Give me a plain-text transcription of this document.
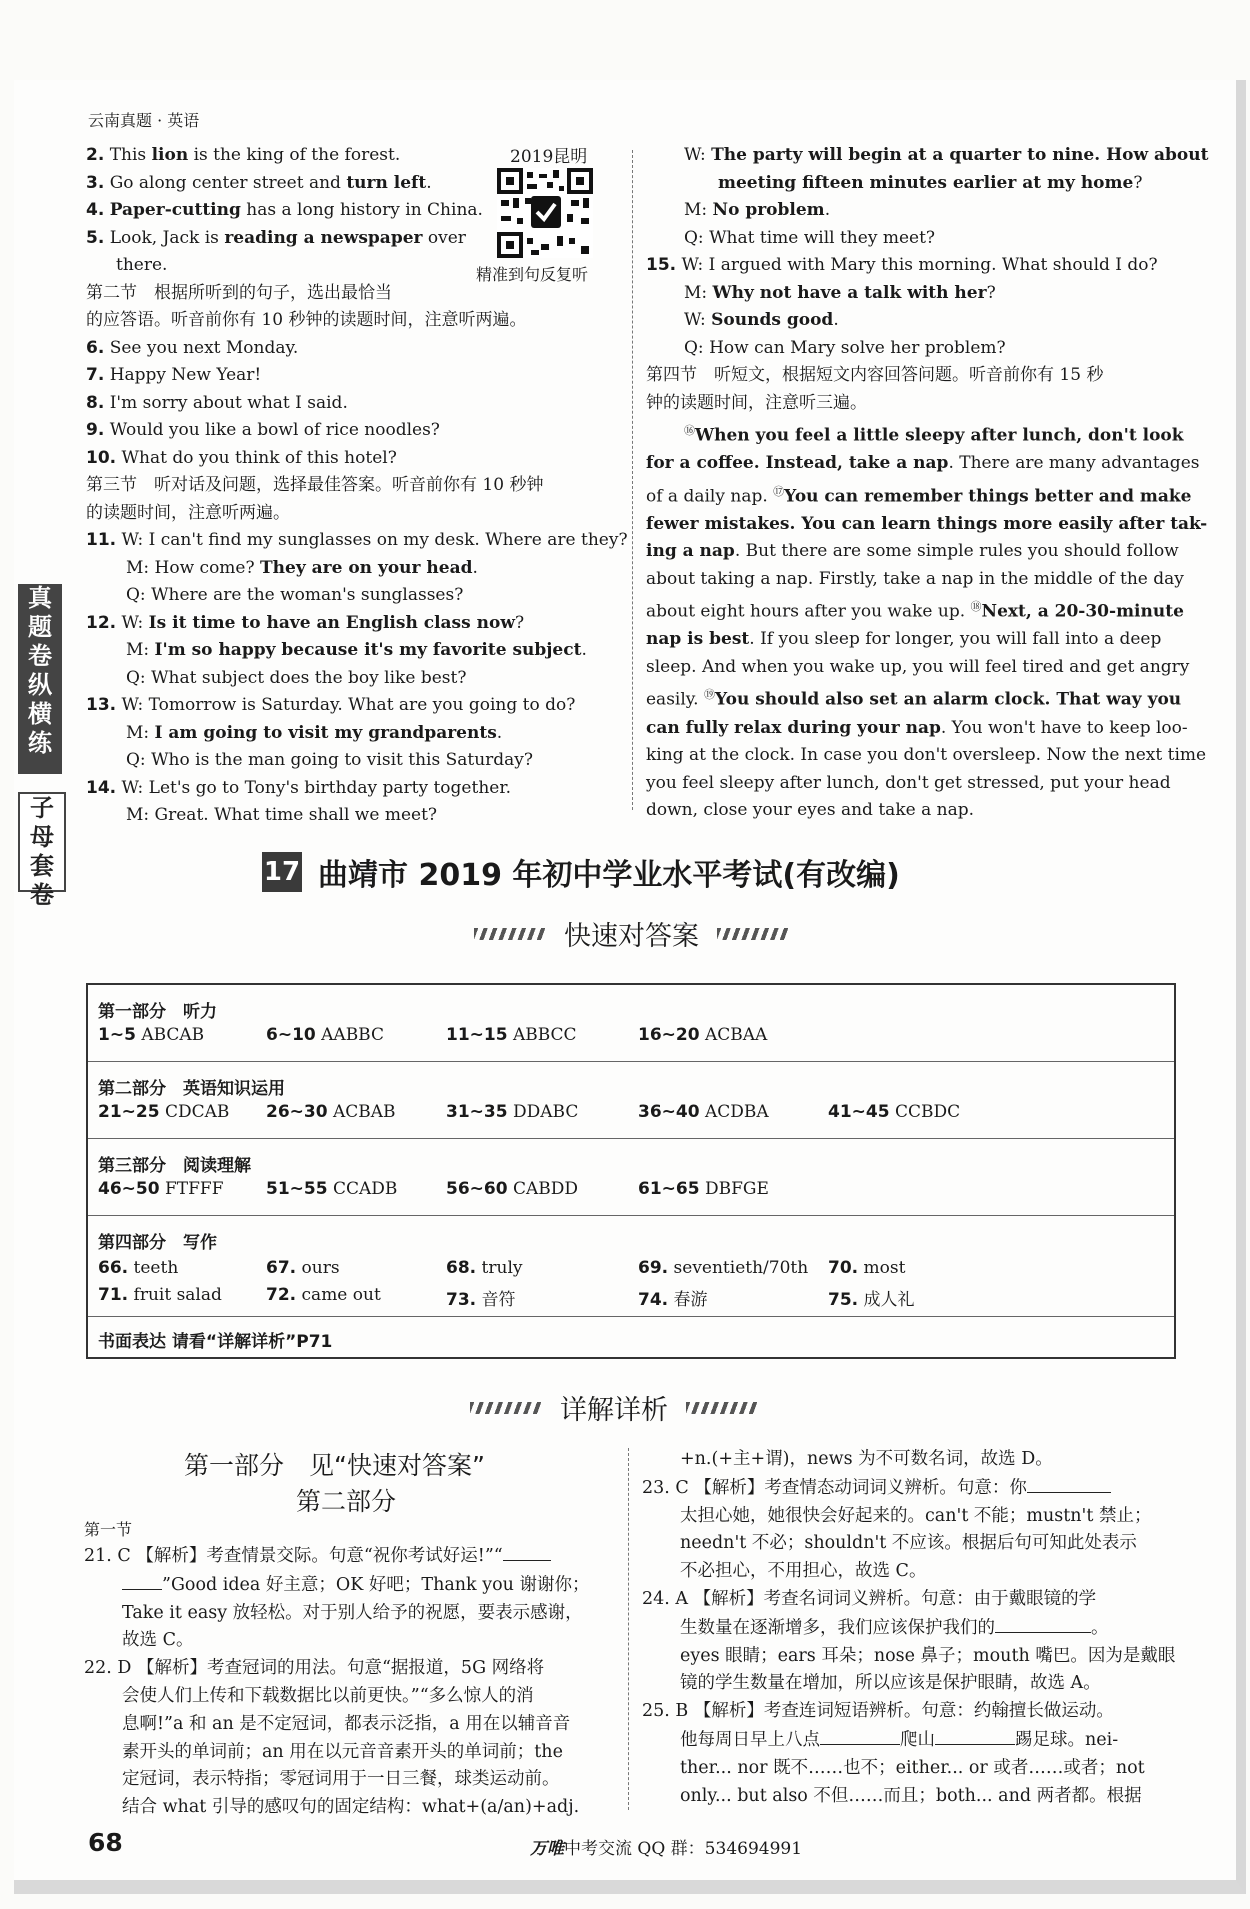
云南真题 · 英语
真题卷纵横练
子母套卷
2019昆明
精准到句反复听
2. This lion is the king of the forest.
3. Go along center street and turn left.
4. Paper-cutting has a long history in China.
5. Look, Jack is reading a newspaper over
there.
第二节　根据所听到的句子，选出最恰当
的应答语。听音前你有 10 秒钟的读题时间，注意听两遍。
6. See you next Monday.
7. Happy New Year!
8. I'm sorry about what I said.
9. Would you like a bowl of rice noodles?
10. What do you think of this hotel?
第三节　听对话及问题，选择最佳答案。听音前你有 10 秒钟
的读题时间，注意听两遍。
11. W: I can't find my sunglasses on my desk. Where are they?
M: How come? They are on your head.
Q: Where are the woman's sunglasses?
12. W: Is it time to have an English class now?
M: I'm so happy because it's my favorite subject.
Q: What subject does the boy like best?
13. W: Tomorrow is Saturday. What are you going to do?
M: I am going to visit my grandparents.
Q: Who is the man going to visit this Saturday?
14. W: Let's go to Tony's birthday party together.
M: Great. What time shall we meet?
W: The party will begin at a quarter to nine. How about
meeting fifteen minutes earlier at my home?
M: No problem.
Q: What time will they meet?
15. W: I argued with Mary this morning. What should I do?
M: Why not have a talk with her?
W: Sounds good.
Q: How can Mary solve her problem?
第四节　听短文，根据短文内容回答问题。听音前你有 15 秒
钟的读题时间，注意听三遍。
⑯When you feel a little sleepy after lunch, don't look
for a coffee. Instead, take a nap. There are many advantages
of a daily nap. ⑰You can remember things better and make
fewer mistakes. You can learn things more easily after tak-
ing a nap. But there are some simple rules you should follow
about taking a nap. Firstly, take a nap in the middle of the day
about eight hours after you wake up. ⑱Next, a 20-30-minute
nap is best. If you sleep for longer, you will fall into a deep
sleep. And when you wake up, you will feel tired and get angry
easily. ⑲You should also set an alarm clock. That way you
can fully relax during your nap. You won't have to keep loo-
king at the clock. In case you don't oversleep. Now the next time
you feel sleepy after lunch, don't get stressed, put your head
down, close your eyes and take a nap.
17 曲靖市 2019 年初中学业水平考试(有改编)
快速对答案
第一部分　听力
1~5 ABCAB	6~10 AABBC	11~15 ABBCC	16~20 ACBAA
第二部分　英语知识运用
21~25 CDCAB 26~30 ACBAB	31~35 DDABC	36~40 ACDBA	41~45 CCBDC
第三部分　阅读理解
46~50 FTFFF	51~55 CCADB	56~60 CABDD	61~65 DBFGE
第四部分　写作
66. teeth	67. ours	68. truly	69. seventieth/70th 70. most
71. fruit salad	72. came out	73. 音符	74. 春游	75. 成人礼
书面表达 请看“详解详析”P71
详解详析
第一部分　见“快速对答案”
第二部分
第一节
21. C 【解析】考查情景交际。句意“祝你考试好运!”“
”Good idea 好主意；OK 好吧；Thank you 谢谢你；
Take it easy 放轻松。对于别人给予的祝愿，要表示感谢，
故选 C。
22. D 【解析】考查冠词的用法。句意“据报道，5G 网络将
会使人们上传和下载数据比以前更快。”“多么惊人的消
息啊!”a 和 an 是不定冠词，都表示泛指，a 用在以辅音音
素开头的单词前；an 用在以元音音素开头的单词前；the
定冠词，表示特指；零冠词用于一日三餐，球类运动前。
结合 what 引导的感叹句的固定结构：what+(a/an)+adj.
+n.(+主+谓)，news 为不可数名词，故选 D。
23. C 【解析】考查情态动词词义辨析。句意：你
太担心她，她很快会好起来的。can't 不能；mustn't 禁止；
needn't 不必；shouldn't 不应该。根据后句可知此处表示
不必担心，不用担心，故选 C。
24. A 【解析】考查名词词义辨析。句意：由于戴眼镜的学
生数量在逐渐增多，我们应该保护我们的	。
eyes 眼睛；ears 耳朵；nose 鼻子；mouth 嘴巴。因为是戴眼
镜的学生数量在增加，所以应该是保护眼睛，故选 A。
25. B 【解析】考查连词短语辨析。句意：约翰擅长做运动。
他每周日早上八点	爬山	踢足球。nei-
ther... nor 既不……也不；either... or 或者……或者；not
only... but also 不但……而且；both... and 两者都。根据
68	万唯中考交流 QQ 群：534694991
